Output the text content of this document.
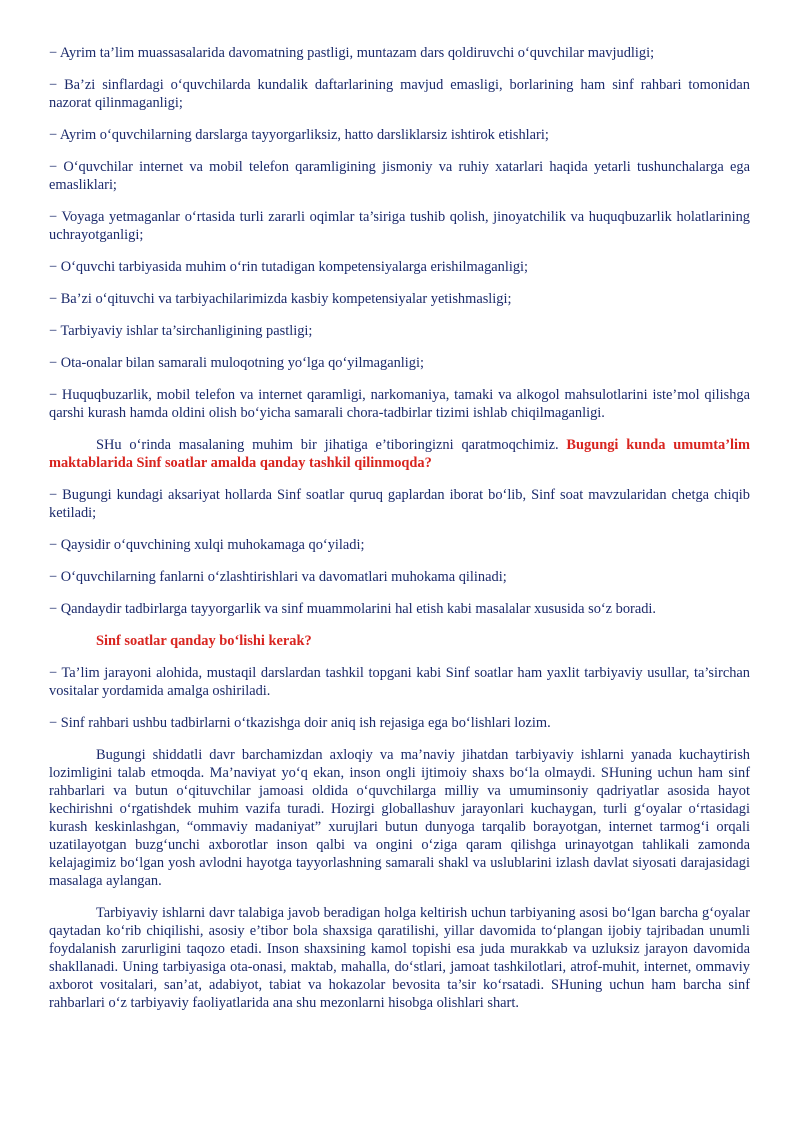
− Ayrim ta’lim muassasalarida davomatning pastligi, muntazam dars qoldiruvchi o‘quvchilar mavjudligi;
− Ba’zi sinflardagi o‘quvchilarda kundalik daftarlarining mavjud emasligi, borlarining ham sinf rahbari tomonidan nazorat qilinmaganligi;
− Ayrim o‘quvchilarning darslarga tayyorgarliksiz, hatto darsliklarsiz ishtirok etishlari;
− O‘quvchilar internet va mobil telefon qaramligining jismoniy va ruhiy xatarlari haqida yetarli tushunchalarga ega emasliklari;
− Voyaga yetmaganlar o‘rtasida turli zararli oqimlar ta’siriga tushib qolish, jinoyatchilik va huquqbuzarlik holatlarining uchrayotganligi;
− O‘quvchi tarbiyasida muhim o‘rin tutadigan kompetensiyalarga erishilmaganligi;
− Ba’zi o‘qituvchi va tarbiyachilarimizda kasbiy kompetensiyalar yetishmasligi;
− Tarbiyaviy ishlar ta’sirchanligining pastligi;
− Ota-onalar bilan samarali muloqotning yo‘lga qo‘yilmaganligi;
− Huquqbuzarlik, mobil telefon va internet qaramligi, narkomaniya, tamaki va alkogol mahsulotlarini iste’mol qilishga qarshi kurash hamda oldini olish bo‘yicha samarali chora-tadbirlar tizimi ishlab chiqilmaganligi.
SHu o‘rinda masalaning muhim bir jihatiga e’tiboringizni qaratmoqchimiz. Bugungi kunda umumta’lim maktablarida Sinf soatlar amalda qanday tashkil qilinmoqda?
− Bugungi kundagi aksariyat hollarda Sinf soatlar quruq gaplardan iborat bo‘lib, Sinf soat mavzularidan chetga chiqib ketiladi;
− Qaysidir o‘quvchining xulqi muhokamaga qo‘yiladi;
− O‘quvchilarning fanlarni o‘zlashtirishlari va davomatlari muhokama qilinadi;
− Qandaydir tadbirlarga tayyorgarlik va sinf muammolarini hal etish kabi masalalar xususida so‘z boradi.
Sinf soatlar qanday bo‘lishi kerak?
− Ta’lim jarayoni alohida, mustaqil darslardan tashkil topgani kabi Sinf soatlar ham yaxlit tarbiyaviy usullar, ta’sirchan vositalar yordamida amalga oshiriladi.
− Sinf rahbari ushbu tadbirlarni o‘tkazishga doir aniq ish rejasiga ega bo‘lishlari lozim.
Bugungi shiddatli davr barchamizdan axloqiy va ma’naviy jihatdan tarbiyaviy ishlarni yanada kuchaytirish lozimligini talab etmoqda. Ma’naviyat yo‘q ekan, inson ongli ijtimoiy shaxs bo‘la olmaydi. SHuning uchun ham sinf rahbarlari va butun o‘qituvchilar jamoasi oldida o‘quvchilarga milliy va umuminsoniy qadriyatlar asosida hayot kechirishni o‘rgatishdek muhim vazifa turadi. Hozirgi globallashuv jarayonlari kuchaygan, turli g‘oyalar o‘rtasidagi kurash keskinlashgan, “ommaviy madaniyat” xurujlari butun dunyoga tarqalib borayotgan, internet tarmog‘i orqali uzatilayotgan buzg‘unchi axborotlar inson qalbi va ongini o‘ziga qaram qilishga urinayotgan tahlikali zamonda kelajagimiz bo‘lgan yosh avlodni hayotga tayyorlashning samarali shakl va uslublarini izlash davlat siyosati darajasidagi masalaga aylangan.
Tarbiyaviy ishlarni davr talabiga javob beradigan holga keltirish uchun tarbiyaning asosi bo‘lgan barcha g‘oyalar qaytadan ko‘rib chiqilishi, asosiy e’tibor bola shaxsiga qaratilishi, yillar davomida to‘plangan ijobiy tajribadan unumli foydalanish zarurligini taqozo etadi. Inson shaxsining kamol topishi esa juda murakkab va uzluksiz jarayon davomida shakllanadi. Uning tarbiyasiga ota-onasi, maktab, mahalla, do‘stlari, jamoat tashkilotlari, atrof-muhit, internet, ommaviy axborot vositalari, san’at, adabiyot, tabiat va hokazolar bevosita ta’sir ko‘rsatadi. SHuning uchun ham barcha sinf rahbarlari o‘z tarbiyaviy faoliyatlarida ana shu mezonlarni hisobga olishlari shart.
